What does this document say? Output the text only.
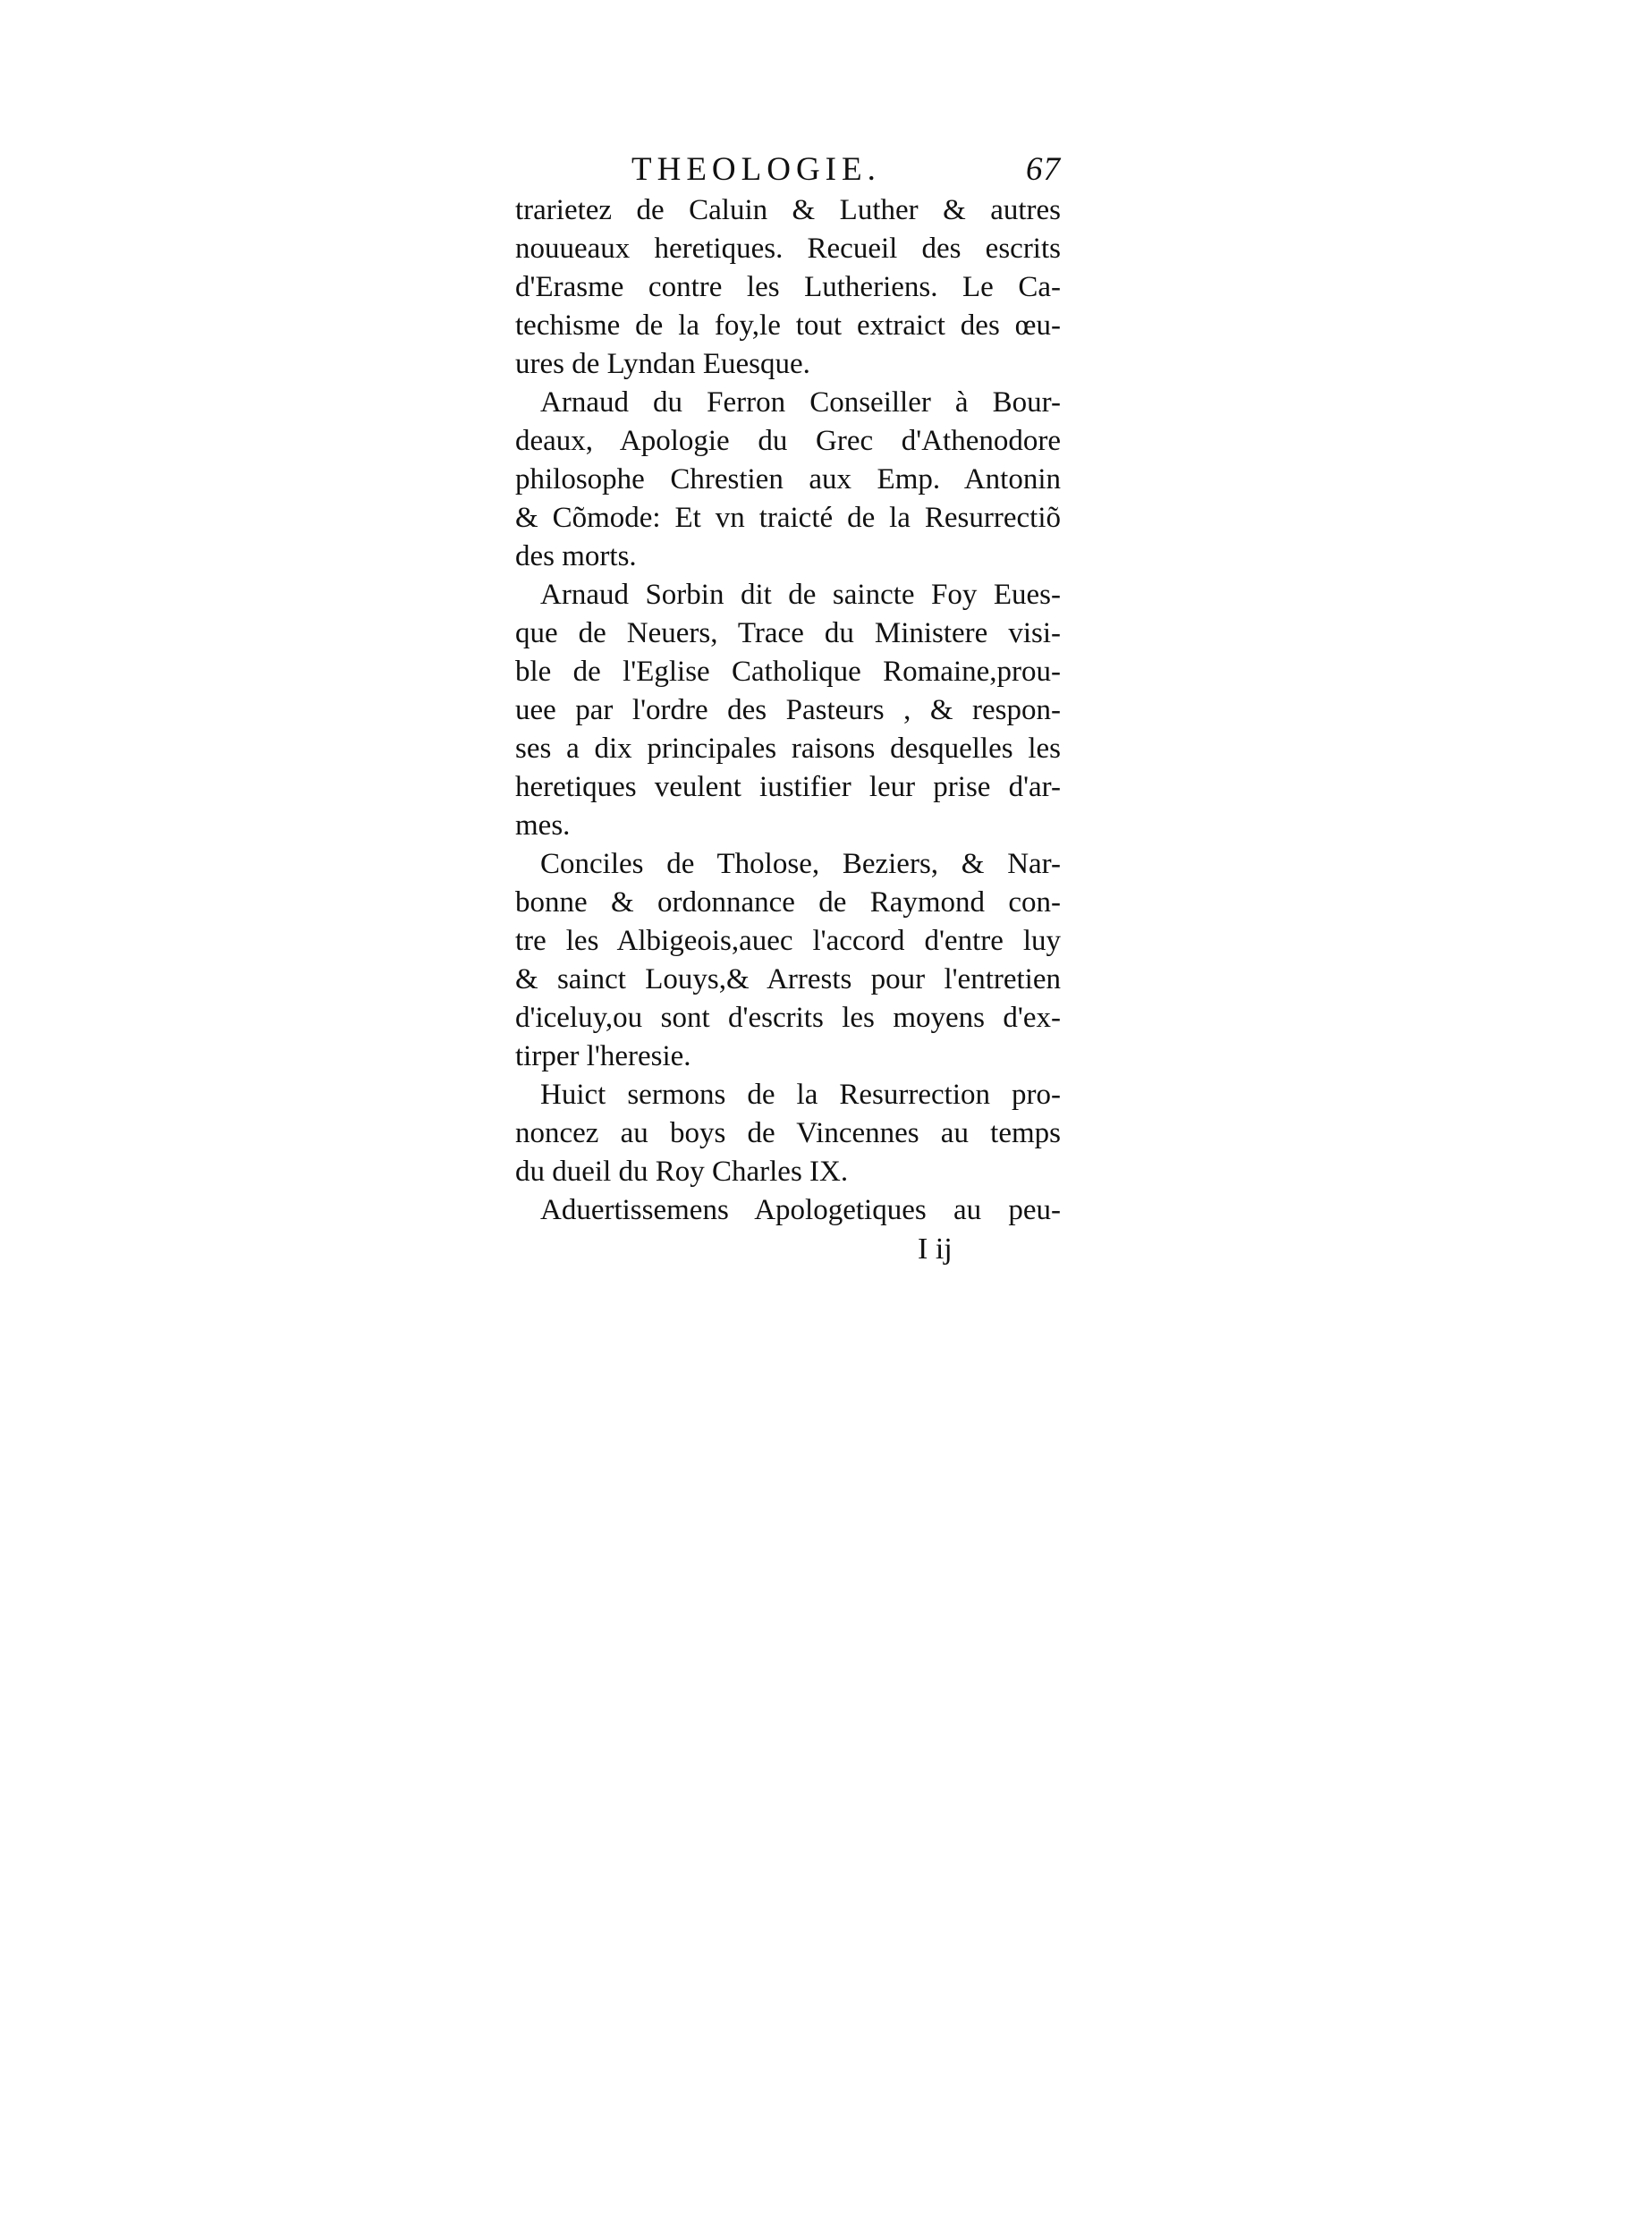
THEOLOGIE.	67
trarietez de Caluin & Luther & autres
nouueaux heretiques. Recueil des escrits
d'Erasme contre les Lutheriens. Le Ca-
techisme de la foy,le tout extraict des œu-
ures de Lyndan Euesque.
Arnaud du Ferron Conseiller à Bour-
deaux, Apologie du Grec d'Athenodore
philosophe Chrestien aux Emp. Antonin
& Cõmode: Et vn traicté de la Resurrectiõ
des morts.
Arnaud Sorbin dit de saincte Foy Eues-
que de Neuers, Trace du Ministere visi-
ble de l'Eglise Catholique Romaine,prou-
uee par l'ordre des Pasteurs , & respon-
ses a dix principales raisons desquelles les
heretiques veulent iustifier leur prise d'ar-
mes.
Conciles de Tholose, Beziers, & Nar-
bonne & ordonnance de Raymond con-
tre les Albigeois,auec l'accord d'entre luy
& sainct Louys,& Arrests pour l'entretien
d'iceluy,ou sont d'escrits les moyens d'ex-
tirper l'heresie.
Huict sermons de la Resurrection pro-
noncez au boys de Vincennes au temps
du dueil du Roy Charles IX.
Aduertissemens Apologetiques au peu-
I ij
